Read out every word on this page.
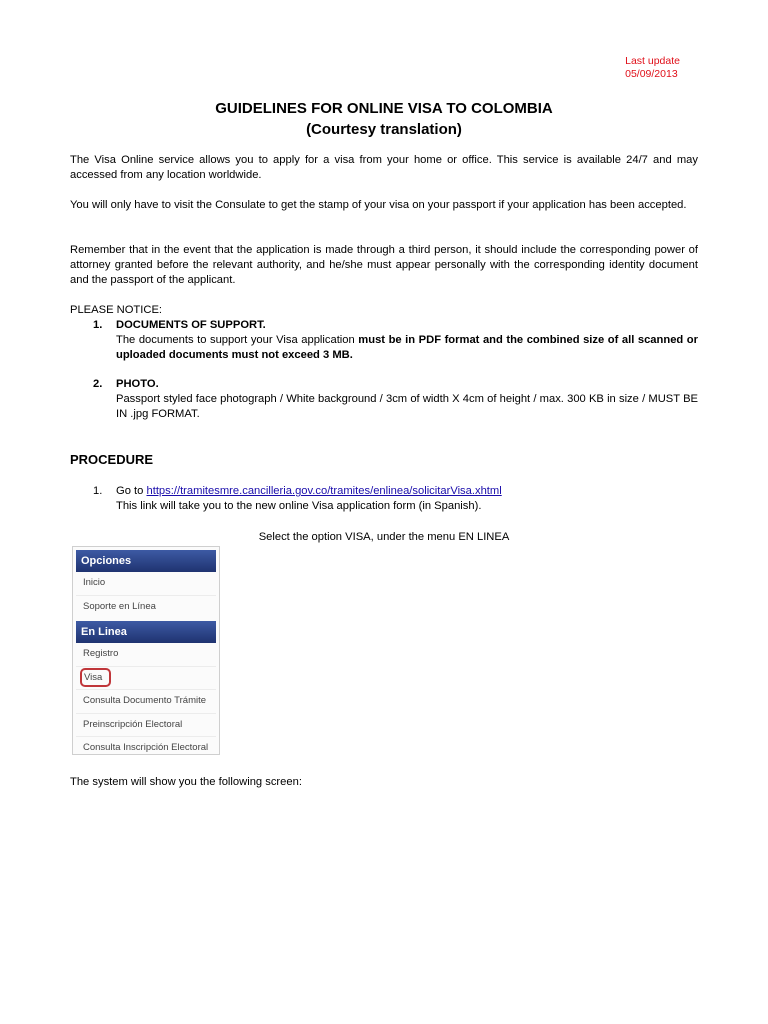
Last update
05/09/2013
GUIDELINES FOR ONLINE VISA TO COLOMBIA
(Courtesy translation)
The Visa Online service allows you to apply for a visa from your home or office. This service is available 24/7 and may accessed from any location worldwide.
You will only have to visit the Consulate to get the stamp of your visa on your passport if your application has been accepted.
Remember that in the event that the application is made through a third person, it should include the corresponding power of attorney granted before the relevant authority, and he/she must appear personally with the corresponding identity document and the passport of the applicant.
PLEASE NOTICE:
1. DOCUMENTS OF SUPPORT.
The documents to support your Visa application must be in PDF format and the combined size of all scanned or uploaded documents must not exceed 3 MB.
2. PHOTO.
Passport styled face photograph / White background / 3cm of width X 4cm of height / max. 300 KB in size / MUST BE IN .jpg FORMAT.
PROCEDURE
1. Go to https://tramitesmre.cancilleria.gov.co/tramites/enlinea/solicitarVisa.xhtml
This link will take you to the new online Visa application form (in Spanish).
Select the option VISA, under the menu EN LINEA
Opciones
Inicio
Soporte en Línea
En Linea
Registro
Visa
Consulta Documento Trámite
Preinscripción Electoral
Consulta Inscripción Electoral
The system will show you the following screen:
